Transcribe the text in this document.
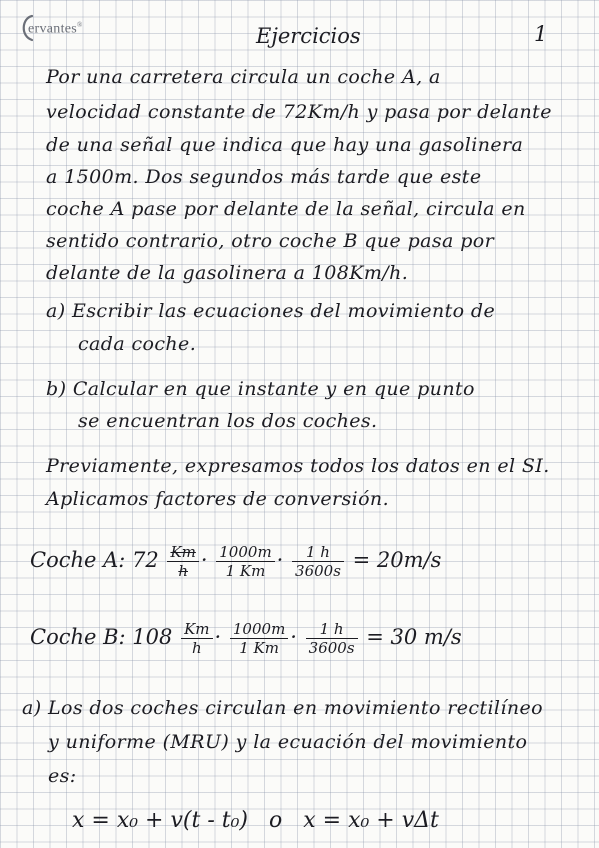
ervantes®	Ejercicios	1
Por una carretera circula un coche A, a
velocidad constante de 72Km/h y pasa por delante
de una señal que indica que hay una gasolinera
a 1500m. Dos segundos más tarde que este
coche A pase por delante de la señal, circula en
sentido contrario, otro coche B que pasa por
delante de la gasolinera a 108Km/h.
a) Escribir las ecuaciones del movimiento de
cada coche.
b) Calcular en que instante y en que punto
se encuentran los dos coches.
Previamente, expresamos todos los datos en el SI.
Aplicamos factores de conversión.
Coche A: $72 \frac{Km}{h} \cdot \frac{1000m}{1 Km} \cdot \frac{1 h}{3600s} = 20m/s$
Coche B: $108 \frac{Km}{h} \cdot \frac{1000m}{1 Km} \cdot \frac{1 h}{3600s} = 30$ m/s
a) Los dos coches circulan en movimiento rectilíneo
y uniforme (MRU) y la ecuación del movimiento
es:
x = x₀ + v(t - t₀) o x = x₀ + vΔt
